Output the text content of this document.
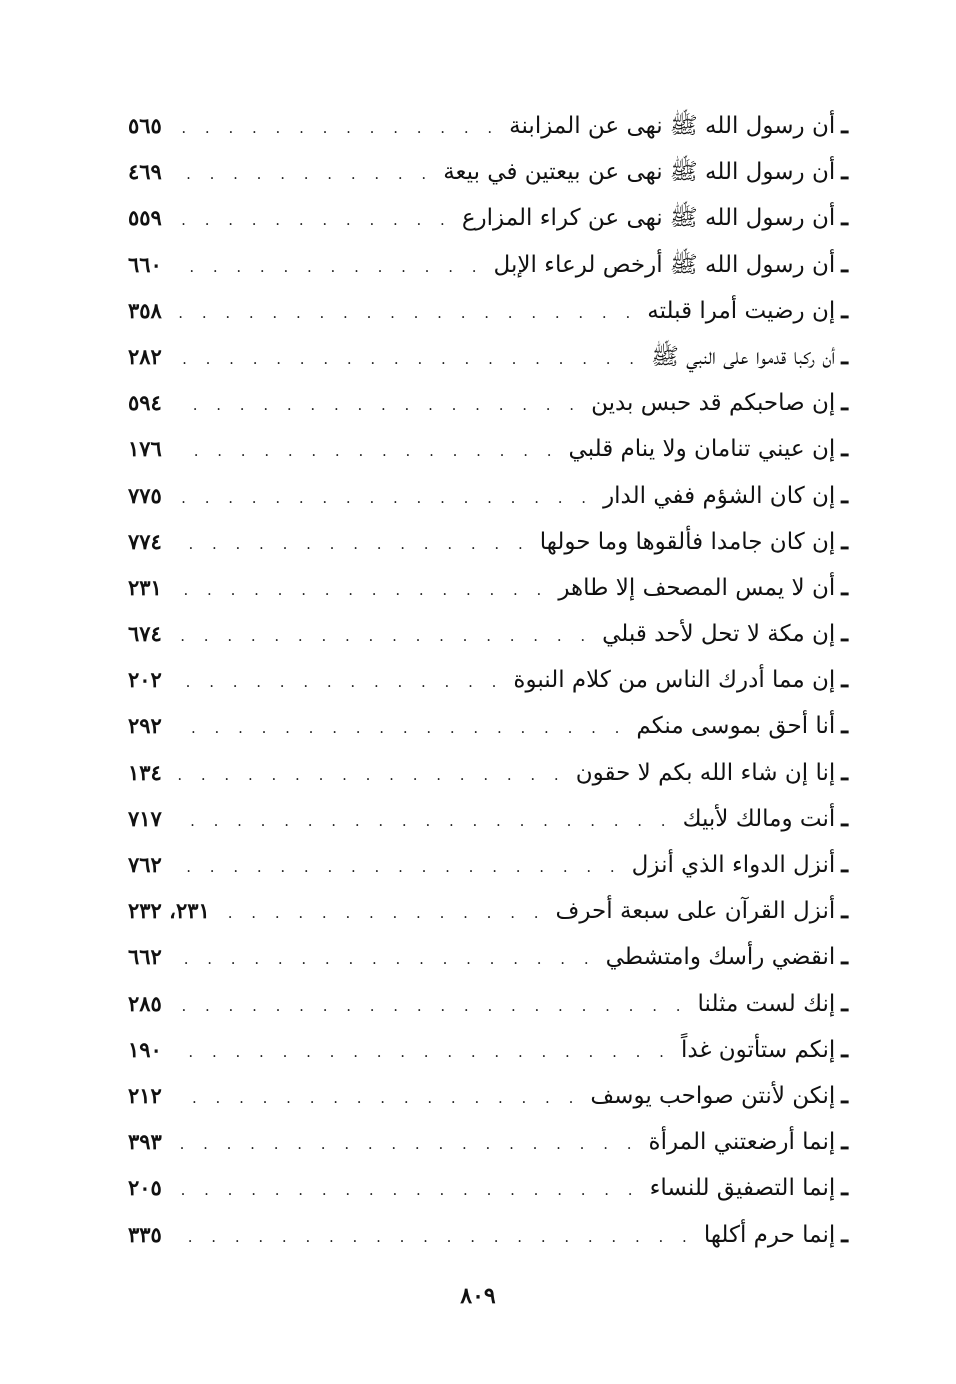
ـ
أن رسول الله ﷺ نهى عن المزابنة
. . .
٥٦٥
ـ
أن رسول الله ﷺ نهى عن بيعتين في بيعة
. . .
٤٦٩
ـ
أن رسول الله ﷺ نهى عن كراء المزارع
. . .
٥٥٩
ـ
أن رسول الله ﷺ أرخص لرعاء الإبل
. . .
٦٦٠
ـ
إن رضيت أمرا قبلته
. . .
٣٥٨
ـ
أن ركبا قدموا على النبي ﷺ
. . .
٢٨٢
ـ
إن صاحبكم قد حبس بدين
. . .
٥٩٤
ـ
إن عيني تنامان ولا ينام قلبي
. . .
١٧٦
ـ
إن كان الشؤم ففي الدار
. . .
٧٧٥
ـ
إن كان جامدا فألقوها وما حولها
. . .
٧٧٤
ـ
أن لا يمس المصحف إلا طاهر
. . .
٢٣١
ـ
إن مكة لا تحل لأحد قبلي
. . .
٦٧٤
ـ
إن مما أدرك الناس من كلام النبوة
. . .
٢٠٢
ـ
أنا أحق بموسى منكم
. . .
٢٩٢
ـ
إنا إن شاء الله بكم لا حقون
. . .
١٣٤
ـ
أنت ومالك لأبيك
. . .
٧١٧
ـ
أنزل الدواء الذي أنزل
. . .
٧٦٢
ـ
أنزل القرآن على سبعة أحرف
. . .
٢٣١، ٢٣٢
ـ
انقضي رأسك وامتشطي
. . .
٦٦٢
ـ
إنك لست مثلنا
. . .
٢٨٥
ـ
إنكم ستأتون غداً
. . .
١٩٠
ـ
إنكن لأنتن صواحب يوسف
. . .
٢١٢
ـ
إنما أرضعتني المرأة
. . .
٣٩٣
ـ
إنما التصفيق للنساء
. . .
٢٠٥
ـ
إنما حرم أكلها
. . .
٣٣٥
٨٠٩
